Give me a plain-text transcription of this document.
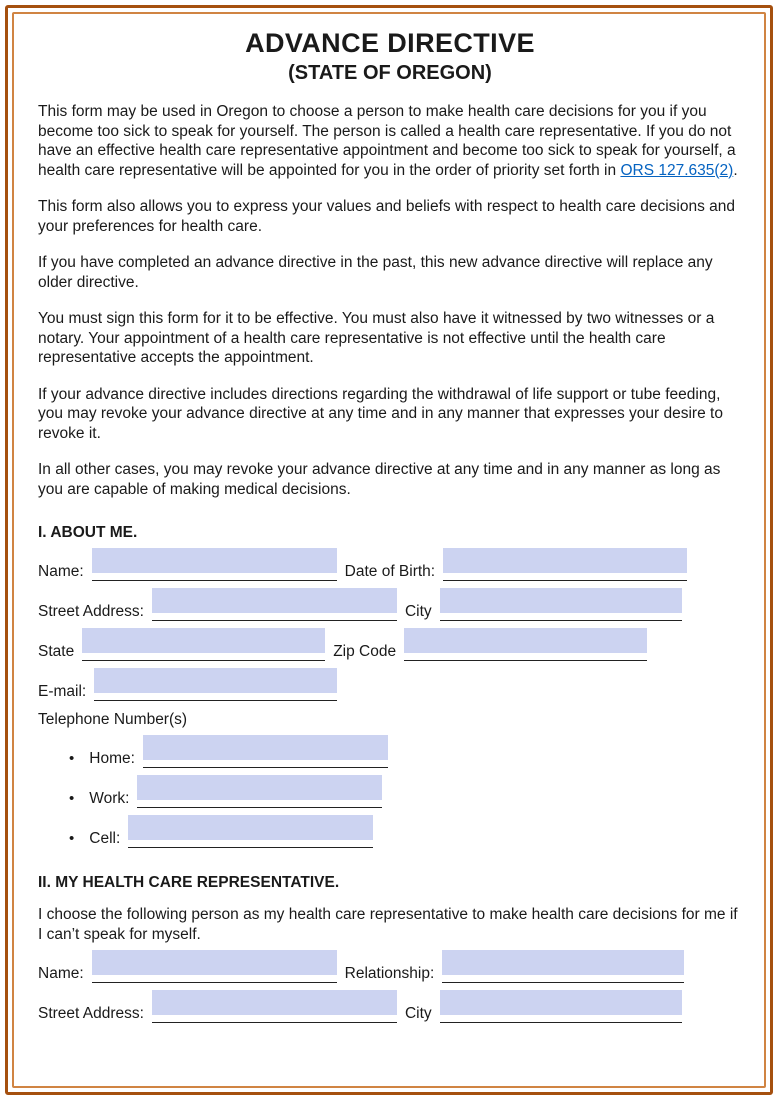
ADVANCE DIRECTIVE
(STATE OF OREGON)

This form may be used in Oregon to choose a person to make health care decisions for you if you become too sick to speak for yourself. The person is called a health care representative. If you do not have an effective health care representative appointment and become too sick to speak for yourself, a health care representative will be appointed for you in the order of priority set forth in ORS 127.635(2).

This form also allows you to express your values and beliefs with respect to health care decisions and your preferences for health care.

If you have completed an advance directive in the past, this new advance directive will replace any older directive.

You must sign this form for it to be effective. You must also have it witnessed by two witnesses or a notary. Your appointment of a health care representative is not effective until the health care representative accepts the appointment.

If your advance directive includes directions regarding the withdrawal of life support or tube feeding, you may revoke your advance directive at any time and in any manner that expresses your desire to revoke it.

In all other cases, you may revoke your advance directive at any time and in any manner as long as you are capable of making medical decisions.

I. ABOUT ME.
Name:	Date of Birth:
Street Address:	City
State	Zip Code
E-mail:
Telephone Number(s)
• Home:
• Work:
• Cell:
II. MY HEALTH CARE REPRESENTATIVE.

I choose the following person as my health care representative to make health care decisions for me if I can’t speak for myself.

Name:	Relationship:
Street Address:	City
